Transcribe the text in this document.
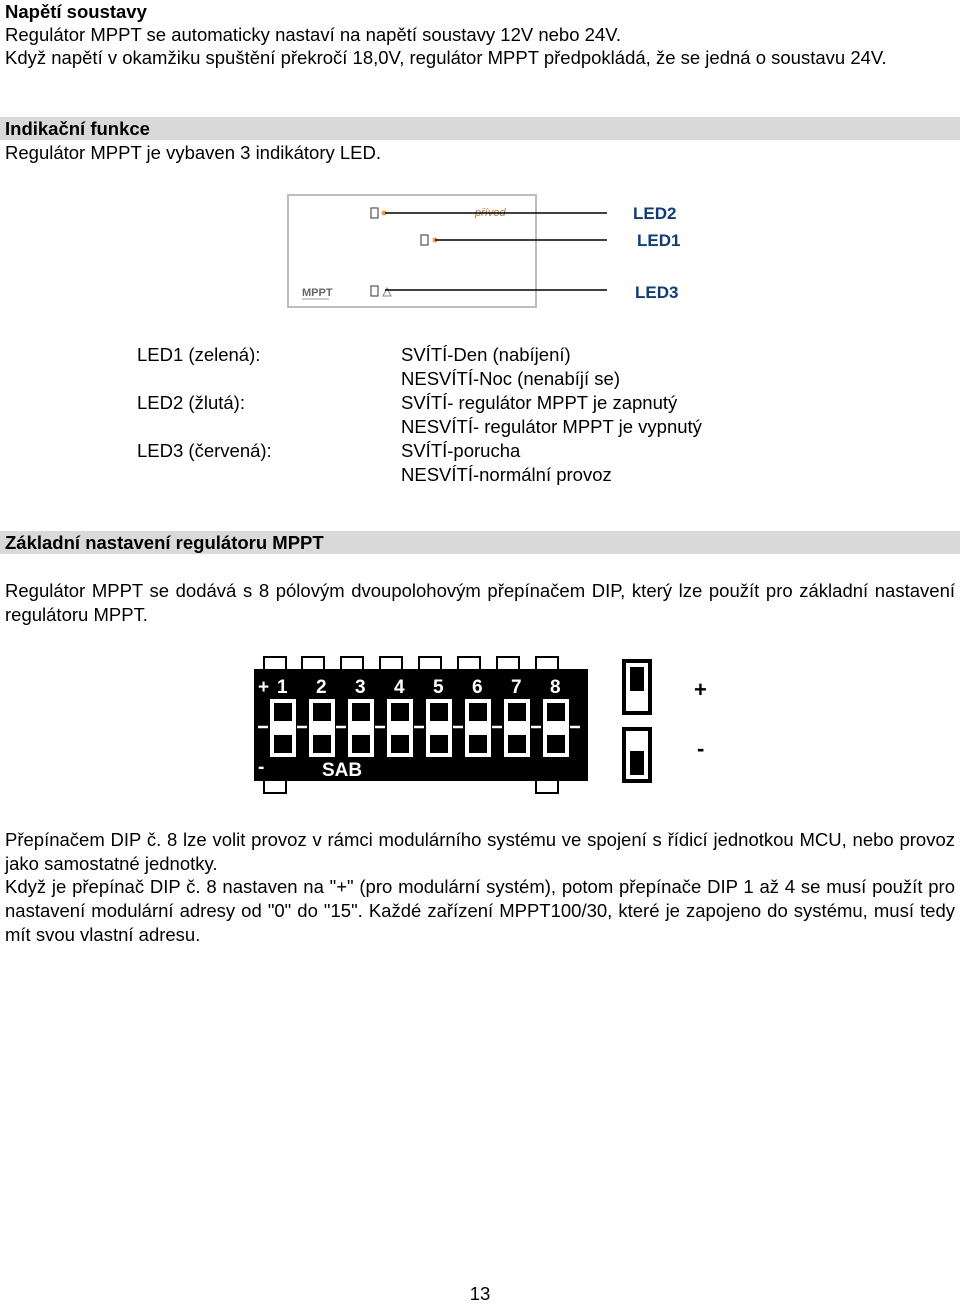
Napětí soustavy
Regulátor MPPT se automaticky nastaví na napětí soustavy 12V nebo 24V.
Když napětí v okamžiku spuštění překročí 18,0V, regulátor MPPT předpokládá, že se jedná o soustavu 24V.
Indikační funkce
Regulátor MPPT je vybaven 3 indikátory LED.
přívod
MPPT
LED2
LED1
LED3
LED1 (zelená):
LED2 (žlutá):
LED3 (červená):
SVÍTÍ-Den (nabíjení)
NESVÍTÍ-Noc (nenabíjí se)
SVÍTÍ- regulátor MPPT je zapnutý
NESVÍTÍ- regulátor MPPT je vypnutý
SVÍTÍ-porucha
NESVÍTÍ-normální provoz
Základní nastavení regulátoru MPPT
Regulátor MPPT se dodává s 8 pólovým dvoupolohovým přepínačem DIP, který lze použít pro základní nastavení regulátoru MPPT.
+ 1 2 3 4 5 6 7 8
-	SAB
+
-
Přepínačem DIP č. 8 lze volit provoz v rámci modulárního systému ve spojení s řídicí jednotkou MCU, nebo provoz jako samostatné jednotky.
Když je přepínač DIP č. 8 nastaven na "+" (pro modulární systém), potom přepínače DIP 1 až 4 se musí použít pro nastavení modulární adresy od "0" do "15". Každé zařízení MPPT100/30, které je zapojeno do systému, musí tedy mít svou vlastní adresu.
13
